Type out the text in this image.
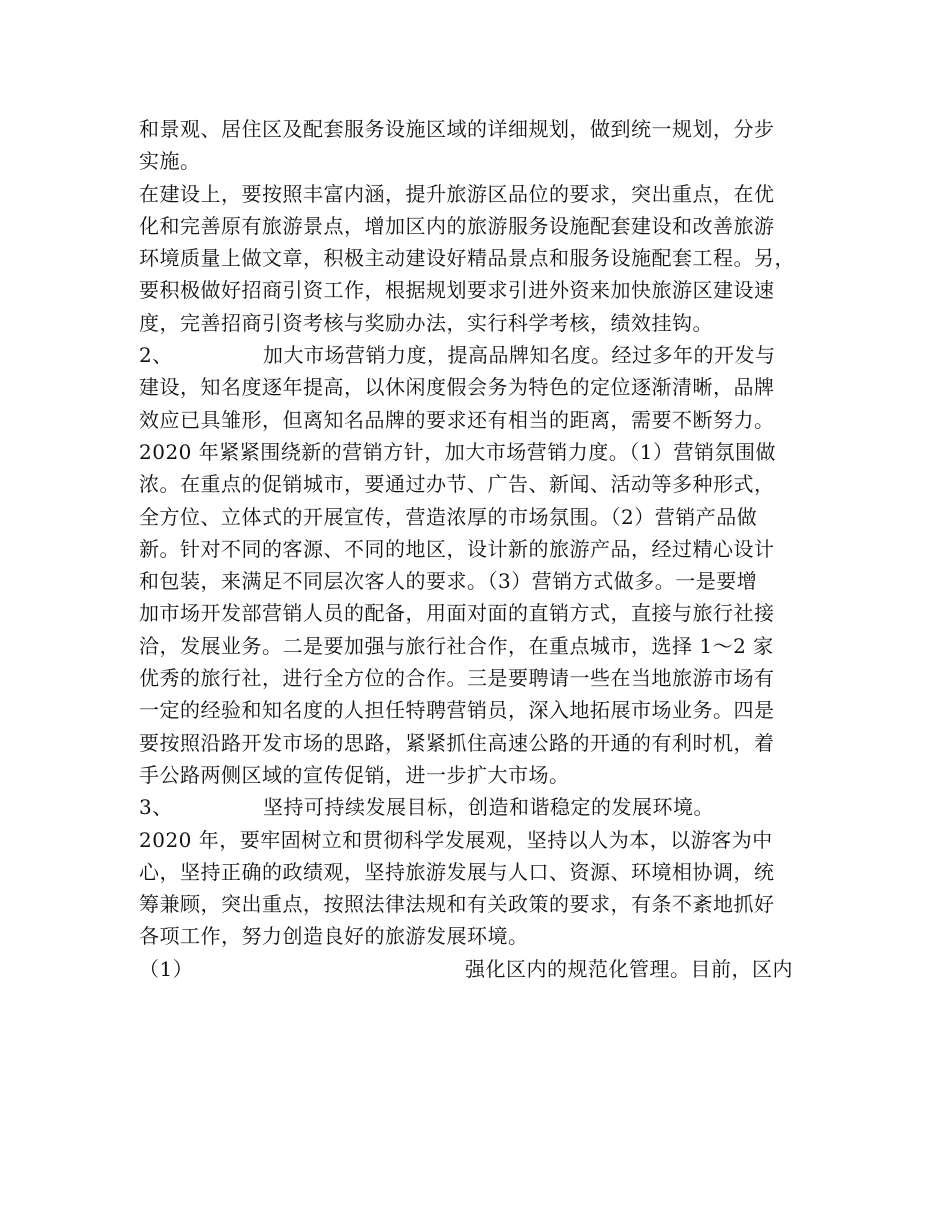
和景观、居住区及配套服务设施区域的详细规划，做到统一规划，分步
实施。
在建设上，要按照丰富内涵，提升旅游区品位的要求，突出重点，在优
化和完善原有旅游景点，增加区内的旅游服务设施配套建设和改善旅游
环境质量上做文章，积极主动建设好精品景点和服务设施配套工程。另，
要积极做好招商引资工作，根据规划要求引进外资来加快旅游区建设速
度，完善招商引资考核与奖励办法，实行科学考核，绩效挂钩。
2、	加大市场营销力度，提高品牌知名度。经过多年的开发与
建设，知名度逐年提高，以休闲度假会务为特色的定位逐渐清晰，品牌
效应已具雏形，但离知名品牌的要求还有相当的距离，需要不断努力。
2020 年紧紧围绕新的营销方针，加大市场营销力度。（1）营销氛围做
浓。在重点的促销城市，要通过办节、广告、新闻、活动等多种形式，
全方位、立体式的开展宣传，营造浓厚的市场氛围。（2）营销产品做
新。针对不同的客源、不同的地区，设计新的旅游产品，经过精心设计
和包装，来满足不同层次客人的要求。（3）营销方式做多。一是要增
加市场开发部营销人员的配备，用面对面的直销方式，直接与旅行社接
洽，发展业务。二是要加强与旅行社合作，在重点城市，选择 1～2 家
优秀的旅行社，进行全方位的合作。三是要聘请一些在当地旅游市场有
一定的经验和知名度的人担任特聘营销员，深入地拓展市场业务。四是
要按照沿路开发市场的思路，紧紧抓住高速公路的开通的有利时机，着
手公路两侧区域的宣传促销，进一步扩大市场。
3、	坚持可持续发展目标，创造和谐稳定的发展环境。
2020 年，要牢固树立和贯彻科学发展观，坚持以人为本，以游客为中
心，坚持正确的政绩观，坚持旅游发展与人口、资源、环境相协调，统
筹兼顾，突出重点，按照法律法规和有关政策的要求，有条不紊地抓好
各项工作，努力创造良好的旅游发展环境。
（1）	强化区内的规范化管理。目前，区内
